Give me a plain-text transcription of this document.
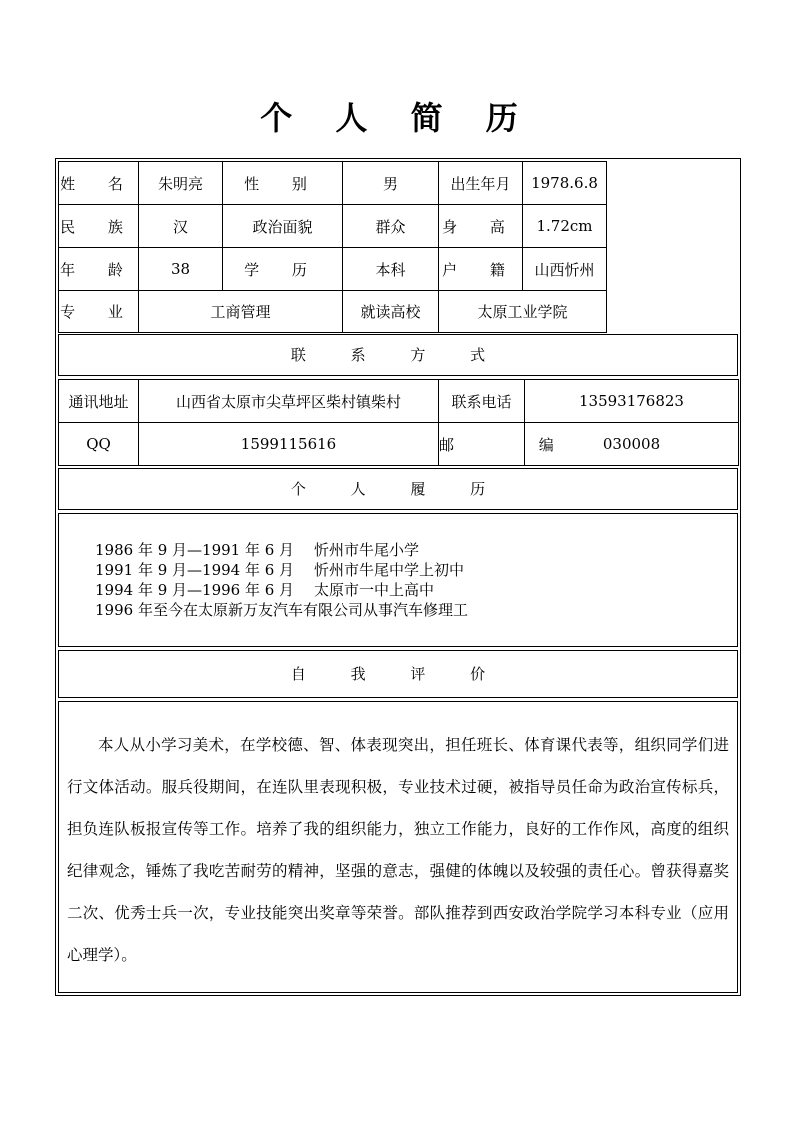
个 人 简 历
姓 名	朱明亮	性 别	男	出生年月	1978.6.8	
民 族	汉	政治面貌	群众	身 高	1.72cm	
年 龄	38	学 历	本科	户 籍	山西忻州	
专 业	工商管理		就读高校	太原工业学院		
联 系 方 式
通讯地址	山西省太原市尖草坪区柴村镇柴村	联系电话	13593176823
QQ	1599115616	邮 编	030008
个 人 履 历
1986 年 9 月—1991 年 6 月 忻州市牛尾小学
1991 年 9 月—1994 年 6 月 忻州市牛尾中学上初中
1994 年 9 月—1996 年 6 月 太原市一中上高中
1996 年至今在太原新万友汽车有限公司从事汽车修理工
自 我 评 价
本人从小学习美术，在学校德、智、体表现突出，担任班长、体育课代表等，组织同学们进行文体活动。服兵役期间，在连队里表现积极，专业技术过硬，被指导员任命为政治宣传标兵，担负连队板报宣传等工作。培养了我的组织能力，独立工作能力，良好的工作作风，高度的组织纪律观念，锤炼了我吃苦耐劳的精神，坚强的意志，强健的体魄以及较强的责任心。曾获得嘉奖二次、优秀士兵一次，专业技能突出奖章等荣誉。部队推荐到西安政治学院学习本科专业（应用心理学）。
